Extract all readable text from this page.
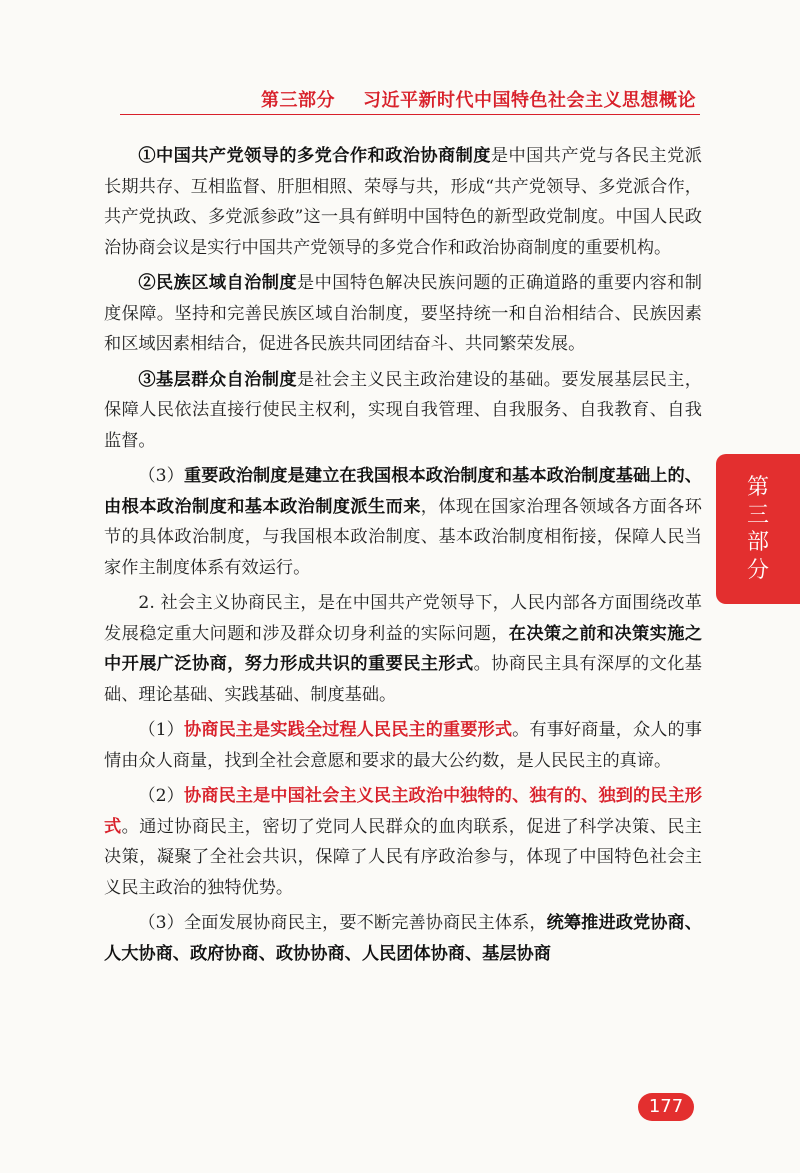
第三部分 习近平新时代中国特色社会主义思想概论

①中国共产党领导的多党合作和政治协商制度是中国共产党与各民主党派长期共存、互相监督、肝胆相照、荣辱与共，形成“共产党领导、多党派合作，共产党执政、多党派参政”这一具有鲜明中国特色的新型政党制度。中国人民政治协商会议是实行中国共产党领导的多党合作和政治协商制度的重要机构。

②民族区域自治制度是中国特色解决民族问题的正确道路的重要内容和制度保障。坚持和完善民族区域自治制度，要坚持统一和自治相结合、民族因素和区域因素相结合，促进各民族共同团结奋斗、共同繁荣发展。

③基层群众自治制度是社会主义民主政治建设的基础。要发展基层民主，保障人民依法直接行使民主权利，实现自我管理、自我服务、自我教育、自我监督。

（3）重要政治制度是建立在我国根本政治制度和基本政治制度基础上的、由根本政治制度和基本政治制度派生而来，体现在国家治理各领域各方面各环节的具体政治制度，与我国根本政治制度、基本政治制度相衔接，保障人民当家作主制度体系有效运行。

2. 社会主义协商民主，是在中国共产党领导下，人民内部各方面围绕改革发展稳定重大问题和涉及群众切身利益的实际问题，在决策之前和决策实施之中开展广泛协商，努力形成共识的重要民主形式。协商民主具有深厚的文化基础、理论基础、实践基础、制度基础。

（1）协商民主是实践全过程人民民主的重要形式。有事好商量，众人的事情由众人商量，找到全社会意愿和要求的最大公约数，是人民民主的真谛。

（2）协商民主是中国社会主义民主政治中独特的、独有的、独到的民主形式。通过协商民主，密切了党同人民群众的血肉联系，促进了科学决策、民主决策，凝聚了全社会共识，保障了人民有序政治参与，体现了中国特色社会主义民主政治的独特优势。

（3）全面发展协商民主，要不断完善协商民主体系，统筹推进政党协商、人大协商、政府协商、政协协商、人民团体协商、基层协商

第
三
部
分
177
